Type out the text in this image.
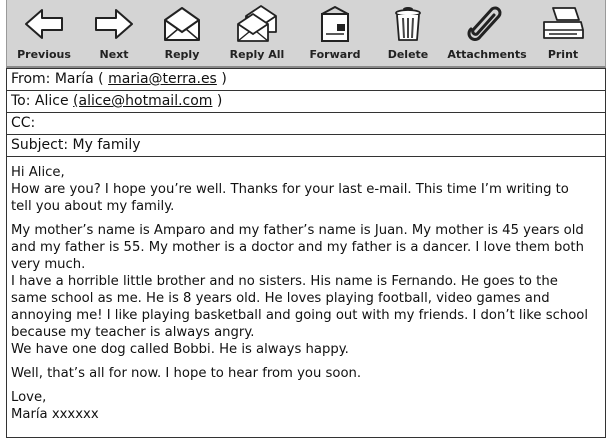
Previous	Next	Reply	Reply All Forward Delete Attachments Print
From: María ( maria@terra.es )
To: Alice (alice@hotmail.com )
CC:
Subject: My family

Hi Alice,

How are you? I hope you’re well. Thanks for your last e-mail. This time I’m writing to

tell you about my family.

My mother’s name is Amparo and my father’s name is Juan. My mother is 45 years old

and my father is 55. My mother is a doctor and my father is a dancer. I love them both

very much.

I have a horrible little brother and no sisters. His name is Fernando. He goes to the

same school as me. He is 8 years old. He loves playing football, video games and

annoying me! I like playing basketball and going out with my friends. I don’t like school

because my teacher is always angry.

We have one dog called Bobbi. He is always happy.

Well, that’s all for now. I hope to hear from you soon.

Love,

María xxxxxx
